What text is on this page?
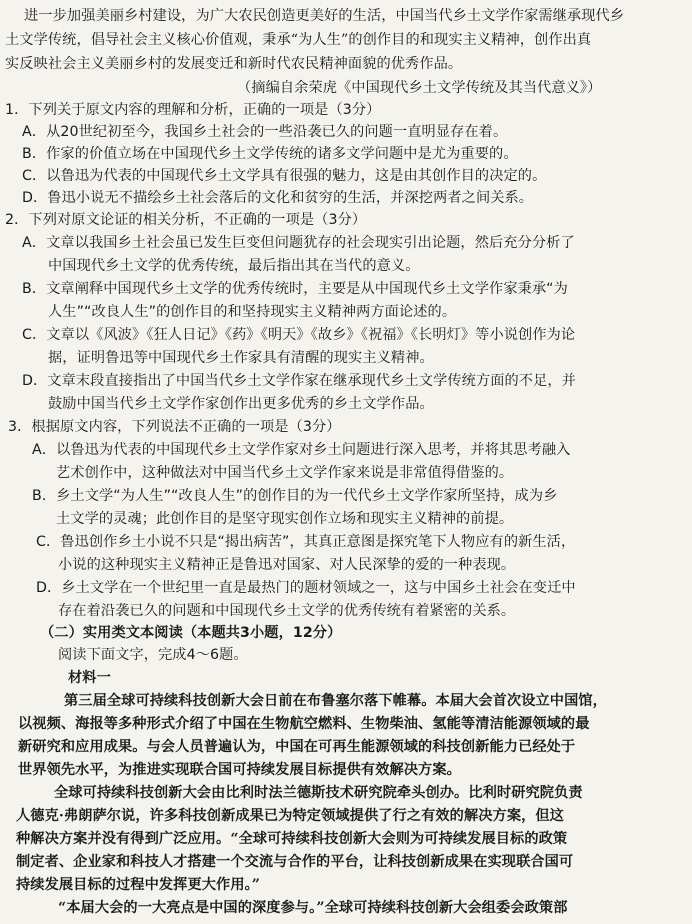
进一步加强美丽乡村建设，为广大农民创造更美好的生活，中国当代乡土文学作家需继承现代乡
土文学传统，倡导社会主义核心价值观，秉承“为人生”的创作目的和现实主义精神，创作出真
实反映社会主义美丽乡村的发展变迁和新时代农民精神面貌的优秀作品。
（摘编自余荣虎《中国现代乡土文学传统及其当代意义》）
1．下列关于原文内容的理解和分析，正确的一项是（3分）
A．从20世纪初至今，我国乡土社会的一些沿袭已久的问题一直明显存在着。
B．作家的价值立场在中国现代乡土文学传统的诸多文学问题中是尤为重要的。
C．以鲁迅为代表的中国现代乡土文学具有很强的魅力，这是由其创作目的决定的。
D．鲁迅小说无不描绘乡土社会落后的文化和贫穷的生活，并深挖两者之间关系。
2．下列对原文论证的相关分析，不正确的一项是（3分）
A．文章以我国乡土社会虽已发生巨变但问题犹存的社会现实引出论题，然后充分分析了
中国现代乡土文学的优秀传统，最后指出其在当代的意义。
B．文章阐释中国现代乡土文学的优秀传统时，主要是从中国现代乡土文学作家秉承“为
人生”“改良人生”的创作目的和坚持现实主义精神两方面论述的。
C．文章以《风波》《狂人日记》《药》《明天》《故乡》《祝福》《长明灯》等小说创作为论
据，证明鲁迅等中国现代乡土作家具有清醒的现实主义精神。
D．文章末段直接指出了中国当代乡土文学作家在继承现代乡土文学传统方面的不足，并
鼓励中国当代乡土文学作家创作出更多优秀的乡土文学作品。
3．根据原文内容，下列说法不正确的一项是（3分）
A．以鲁迅为代表的中国现代乡土文学作家对乡土问题进行深入思考，并将其思考融入
艺术创作中，这种做法对中国当代乡土文学作家来说是非常值得借鉴的。
B．乡土文学“为人生”“改良人生”的创作目的为一代代乡土文学作家所坚持，成为乡
土文学的灵魂；此创作目的是坚守现实创作立场和现实主义精神的前提。
C．鲁迅创作乡土小说不只是“揭出病苦”，其真正意图是探究笔下人物应有的新生活，
小说的这种现实主义精神正是鲁迅对国家、对人民深挚的爱的一种表现。
D．乡土文学在一个世纪里一直是最热门的题材领域之一，这与中国乡土社会在变迁中
存在着沿袭已久的问题和中国现代乡土文学的优秀传统有着紧密的关系。
（二）实用类文本阅读（本题共3小题，12分）
阅读下面文字，完成4～6题。
材料一
第三届全球可持续科技创新大会日前在布鲁塞尔落下帷幕。本届大会首次设立中国馆，
以视频、海报等多种形式介绍了中国在生物航空燃料、生物柴油、氢能等清洁能源领域的最
新研究和应用成果。与会人员普遍认为，中国在可再生能源领域的科技创新能力已经处于
世界领先水平，为推进实现联合国可持续发展目标提供有效解决方案。
全球可持续科技创新大会由比利时法兰德斯技术研究院牵头创办。比利时研究院负责
人德克·弗朗萨尔说，许多科技创新成果已为特定领域提供了行之有效的解决方案，但这
种解决方案并没有得到广泛应用。“全球可持续科技创新大会则为可持续发展目标的政策
制定者、企业家和科技人才搭建一个交流与合作的平台，让科技创新成果在实现联合国可
持续发展目标的过程中发挥更大作用。”
“本届大会的一大亮点是中国的深度参与。”全球可持续科技创新大会组委会政策部
